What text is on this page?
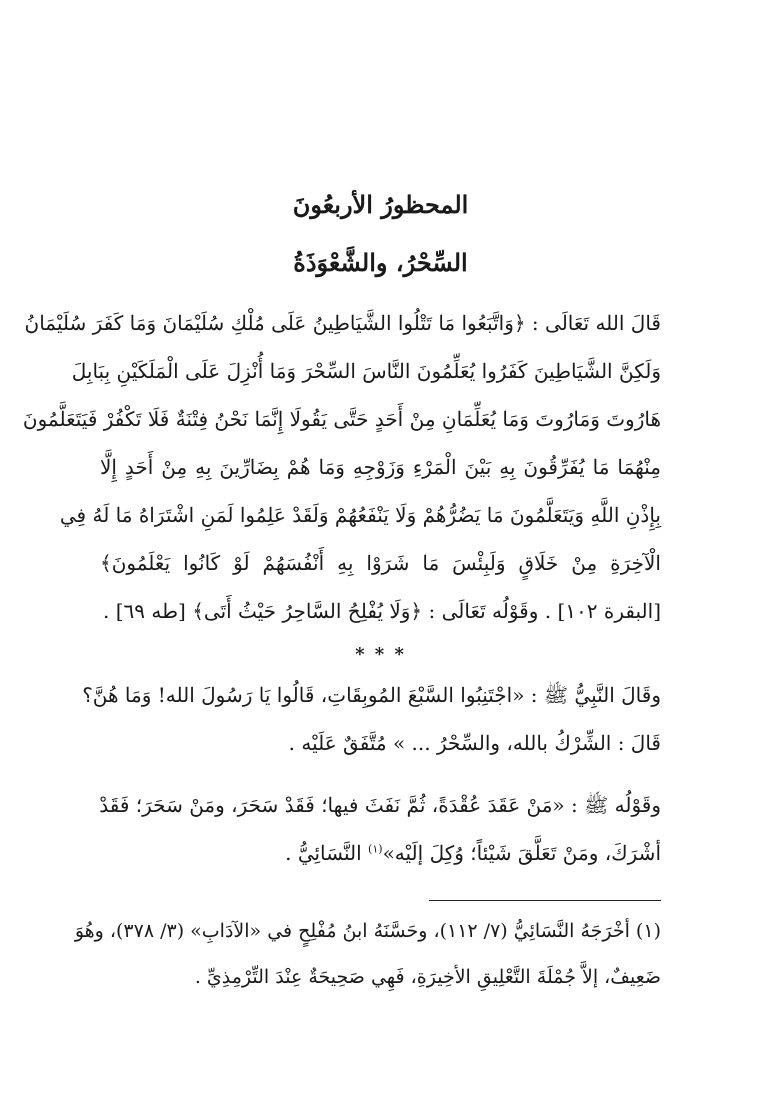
المحظورُ الأربعُونَ
السِّحْرُ، والشَّعْوَذَةُ
قَالَ الله تَعَالَى : ﴿وَاتَّبَعُوا مَا تَتْلُوا الشَّيَاطِينُ عَلَى مُلْكِ سُلَيْمَانَ وَمَا كَفَرَ سُلَيْمَانُ
وَلَكِنَّ الشَّيَاطِينَ كَفَرُوا يُعَلِّمُونَ النَّاسَ السِّحْرَ وَمَا أُنْزِلَ عَلَى الْمَلَكَيْنِ بِبَابِلَ
هَارُوتَ وَمَارُوتَ وَمَا يُعَلِّمَانِ مِنْ أَحَدٍ حَتَّى يَقُولَا إِنَّمَا نَحْنُ فِتْنَةٌ فَلَا تَكْفُرْ فَيَتَعَلَّمُونَ
مِنْهُمَا مَا يُفَرِّقُونَ بِهِ بَيْنَ الْمَرْءِ وَزَوْجِهِ وَمَا هُمْ بِضَارِّينَ بِهِ مِنْ أَحَدٍ إِلَّا
بِإِذْنِ اللَّهِ وَيَتَعَلَّمُونَ مَا يَضُرُّهُمْ وَلَا يَنْفَعُهُمْ وَلَقَدْ عَلِمُوا لَمَنِ اشْتَرَاهُ مَا لَهُ فِي
الْآخِرَةِ مِنْ خَلَاقٍ وَلَبِئْسَ مَا شَرَوْا بِهِ أَنْفُسَهُمْ لَوْ كَانُوا يَعْلَمُونَ﴾
[البقرة ١٠٢] . وقَوْلُه تَعَالَى : ﴿وَلَا يُفْلِحُ السَّاحِرُ حَيْثُ أَتَى﴾ [طه ٦٩] .
* * *
وقَالَ النَّبِيُّ ﷺ : «اجْتَنِبُوا السَّبْعَ المُوبِقَاتِ، قَالُوا يَا رَسُولَ الله! وَمَا هُنَّ؟
قَالَ : الشِّرْكُ بالله، والسِّحْرُ ... » مُتَّفَقٌ عَلَيْه .
وقَوْلُه ﷺ : «مَنْ عَقَدَ عُقْدَةً، ثُمَّ نَفَثَ فيها؛ فَقَدْ سَحَرَ، ومَنْ سَحَرَ؛ فَقَدْ
أشْرَكَ، ومَنْ تَعَلَّقَ شَيْئاً؛ وُكِلَ إلَيْه»$^{(١)}$ النَّسَائِيُّ .
(١) أخْرَجَهُ النَّسَائِيُّ (٧/ ١١٢)، وحَسَّنَهُ ابنُ مُفْلِحٍ في «الآدَابِ» (٣/ ٣٧٨)، وهُوَ
ضَعِيفٌ، إلاَّ جُمْلَةَ التَّعْلِيقِ الأخِيرَةِ، فَهِي صَحِيحَةٌ عِنْدَ التِّرْمِذِيِّ .
